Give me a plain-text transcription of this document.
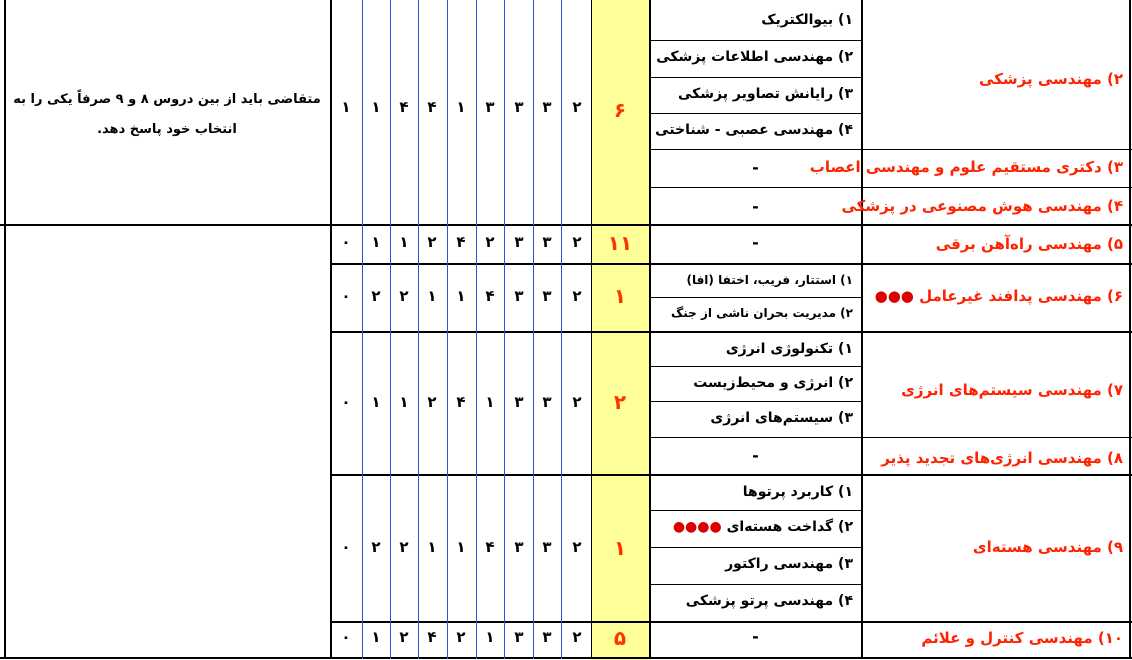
متقاضی باید از بین دروس ۸ و ۹ صرفاً یکی را به انتخاب خود پاسخ دهد.
۲) مهندسی پزشکی
۱) بیوالکتریک
۲) مهندسی اطلاعات پزشکی
۳) رایانش تصاویر پزشکی
۴) مهندسی عصبی - شناختی
۶
۳) دکتری مستقیم علوم و مهندسی اعصاب
-
۴) مهندسی هوش مصنوعی در پزشکی
-
۵) مهندسی راه‌آهن برقی
-
۱۱
۶) مهندسی پدافند غیرعامل ●●●
۱) استتار، فریب، اختفا (افا)
۲) مدیریت بحران ناشی از جنگ
۱
۷) مهندسی سیستم‌های انرژی
۱) تکنولوژی انرژی
۲) انرژی و محیط‌زیست
۳) سیستم‌های انرژی
۲
۸) مهندسی انرژی‌های تجدید پذیر
-
۹) مهندسی هسته‌ای
۱) کاربرد پرتوها
۲) گداخت هسته‌ای ●●●●
۳) مهندسی راکتور
۴) مهندسی پرتو پزشکی
۱
۱۰) مهندسی کنترل و علائم
-
۵
۲
۳
۳
۳
۱
۴
۴
۱
۱
۲
۳
۳
۲
۴
۲
۱
۱
۰
۲
۳
۳
۴
۱
۱
۲
۲
۰
۲
۳
۳
۱
۴
۲
۱
۱
۰
۲
۳
۳
۴
۱
۱
۲
۲
۰
۲
۳
۳
۱
۲
۴
۲
۱
۰
